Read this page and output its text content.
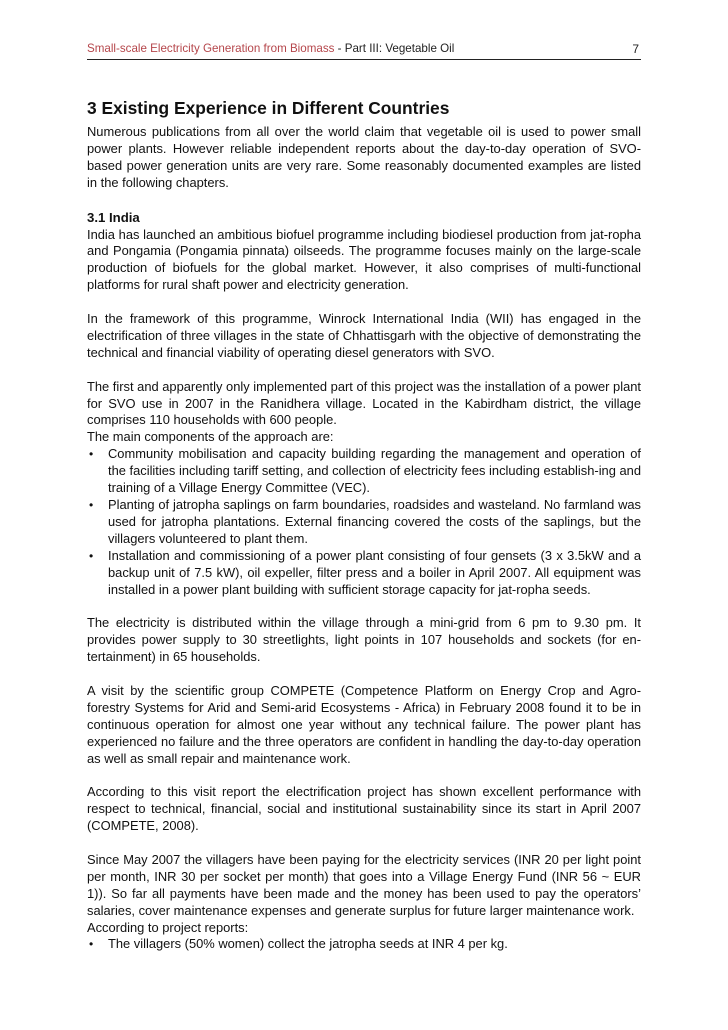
Small-scale Electricity Generation from Biomass - Part III: Vegetable Oil	7
3 Existing Experience in Different Countries

Numerous publications from all over the world claim that vegetable oil is used to power small power plants. However reliable independent reports about the day-to-day operation of SVO-based power generation units are very rare. Some reasonably documented examples are listed in the following chapters.

3.1 India

India has launched an ambitious biofuel programme including biodiesel production from jat-ropha and Pongamia (Pongamia pinnata) oilseeds. The programme focuses mainly on the large-scale production of biofuels for the global market. However, it also comprises of multi-functional platforms for rural shaft power and electricity generation.

In the framework of this programme, Winrock International India (WII) has engaged in the electrification of three villages in the state of Chhattisgarh with the objective of demonstrating the technical and financial viability of operating diesel generators with SVO.

The first and apparently only implemented part of this project was the installation of a power plant for SVO use in 2007 in the Ranidhera village. Located in the Kabirdham district, the village comprises 110 households with 600 people.

The main components of the approach are:

• Community mobilisation and capacity building regarding the management and operation of the facilities including tariff setting, and collection of electricity fees including establish-ing and training of a Village Energy Committee (VEC).
• Planting of jatropha saplings on farm boundaries, roadsides and wasteland. No farmland was used for jatropha plantations. External financing covered the costs of the saplings, but the villagers volunteered to plant them.
• Installation and commissioning of a power plant consisting of four gensets (3 x 3.5kW and a backup unit of 7.5 kW), oil expeller, filter press and a boiler in April 2007. All equipment was installed in a power plant building with sufficient storage capacity for jat-ropha seeds.

The electricity is distributed within the village through a mini-grid from 6 pm to 9.30 pm. It provides power supply to 30 streetlights, light points in 107 households and sockets (for en-tertainment) in 65 households.

A visit by the scientific group COMPETE (Competence Platform on Energy Crop and Agro-forestry Systems for Arid and Semi-arid Ecosystems - Africa) in February 2008 found it to be in continuous operation for almost one year without any technical failure. The power plant has experienced no failure and the three operators are confident in handling the day-to-day operation as well as small repair and maintenance work.

According to this visit report the electrification project has shown excellent performance with respect to technical, financial, social and institutional sustainability since its start in April 2007 (COMPETE, 2008).

Since May 2007 the villagers have been paying for the electricity services (INR 20 per light point per month, INR 30 per socket per month) that goes into a Village Energy Fund (INR 56 ~ EUR 1)). So far all payments have been made and the money has been used to pay the operators’ salaries, cover maintenance expenses and generate surplus for future larger maintenance work.

According to project reports:

• The villagers (50% women) collect the jatropha seeds at INR 4 per kg.
